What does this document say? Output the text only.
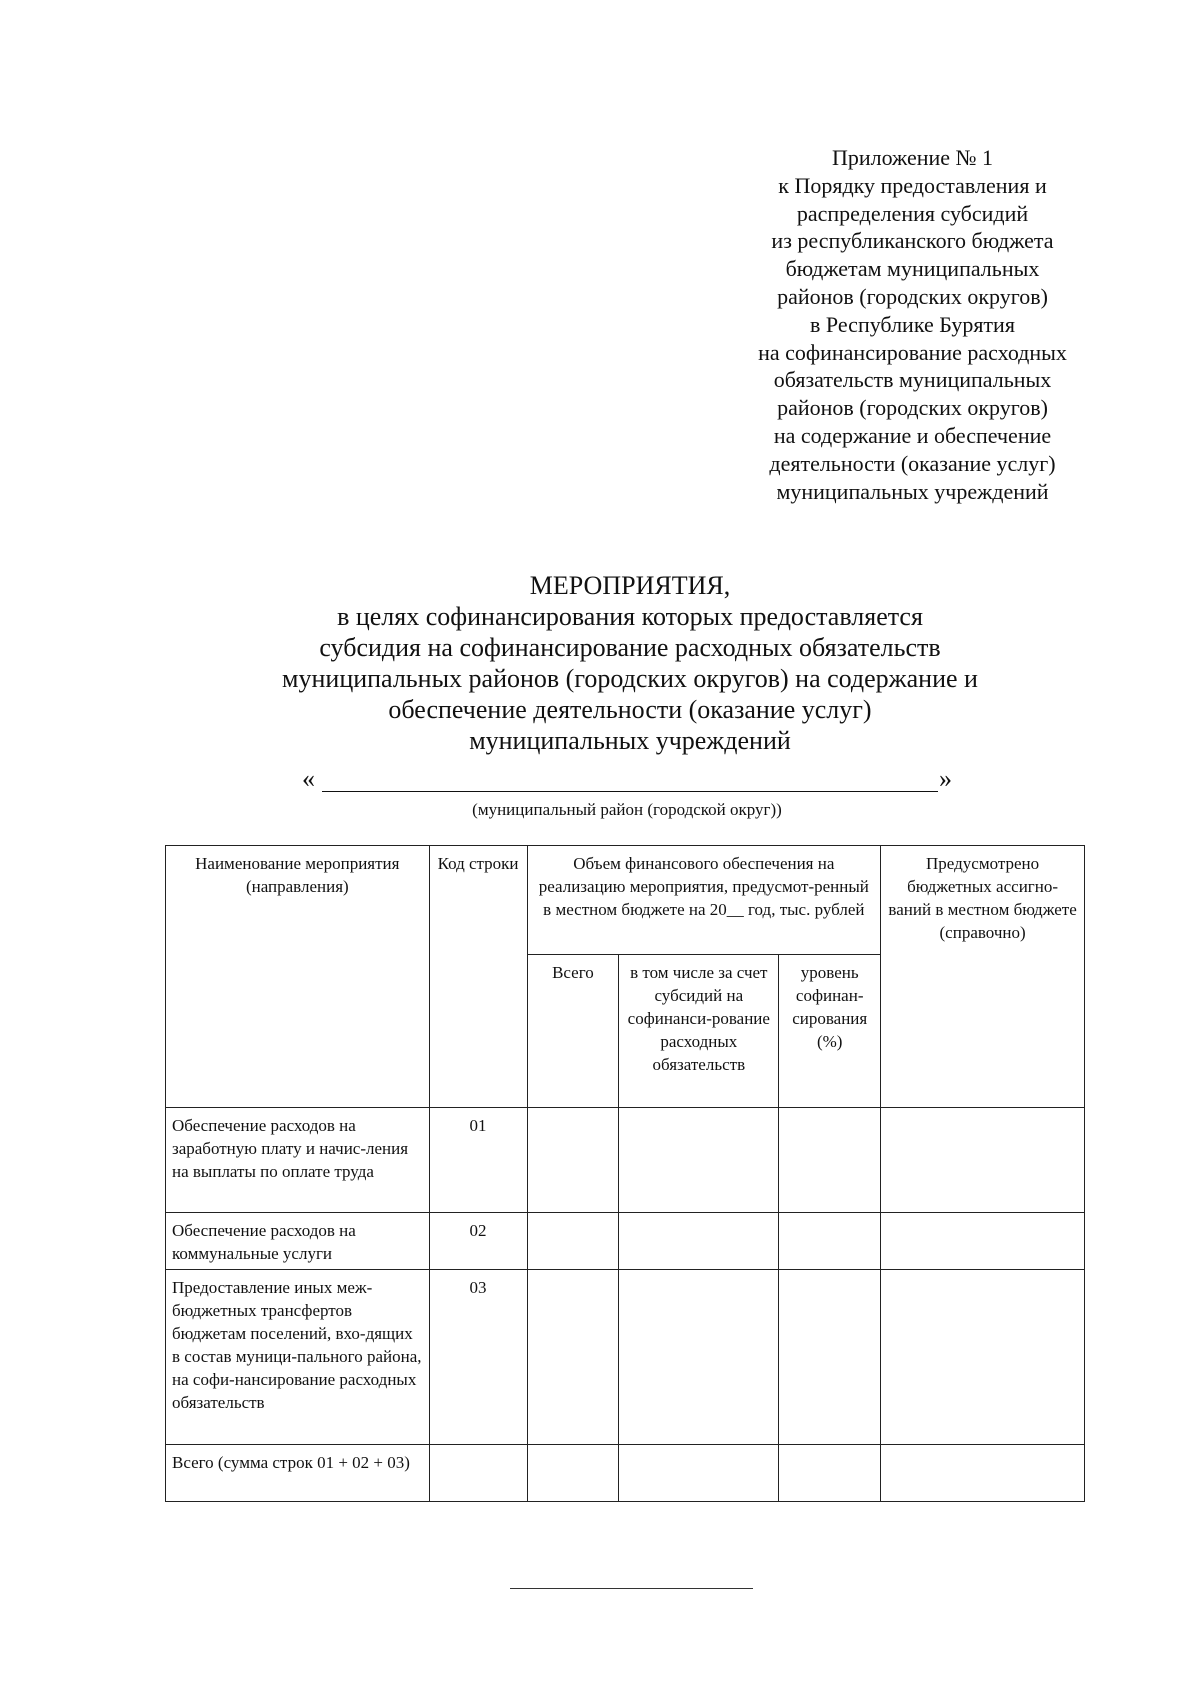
Приложение № 1
к Порядку предоставления и
распределения субсидий
из республиканского бюджета
бюджетам муниципальных
районов (городских округов)
в Республике Бурятия
на софинансирование расходных
обязательств муниципальных
районов (городских округов)
на содержание и обеспечение
деятельности (оказание услуг)
муниципальных учреждений
МЕРОПРИЯТИЯ,
в целях софинансирования которых предоставляется
субсидия на софинансирование расходных обязательств
муниципальных районов (городских округов) на содержание и
обеспечение деятельности (оказание услуг)
муниципальных учреждений
«	»
(муниципальный район (городской округ))
Наименование мероприятия (направления)	Код строки	Объем финансового обеспечения на реализацию мероприятия, предусмот-ренный в местном бюджете на 20__ год, тыс. рублей			Предусмотрено бюджетных ассигно-ваний в местном бюджете (справочно)
		Всего	в том числе за счет субсидий на софинанси-рование расходных обязательств	уровень софинан-сирования (%)	
Обеспечение расходов на заработную плату и начис-ления на выплаты по оплате труда	01				
Обеспечение расходов на коммунальные услуги	02				
Предоставление иных меж-бюджетных трансфертов бюджетам поселений, вхо-дящих в состав муници-пального района, на софи-нансирование расходных обязательств	03				
Всего (сумма строк 01 + 02 + 03)					
